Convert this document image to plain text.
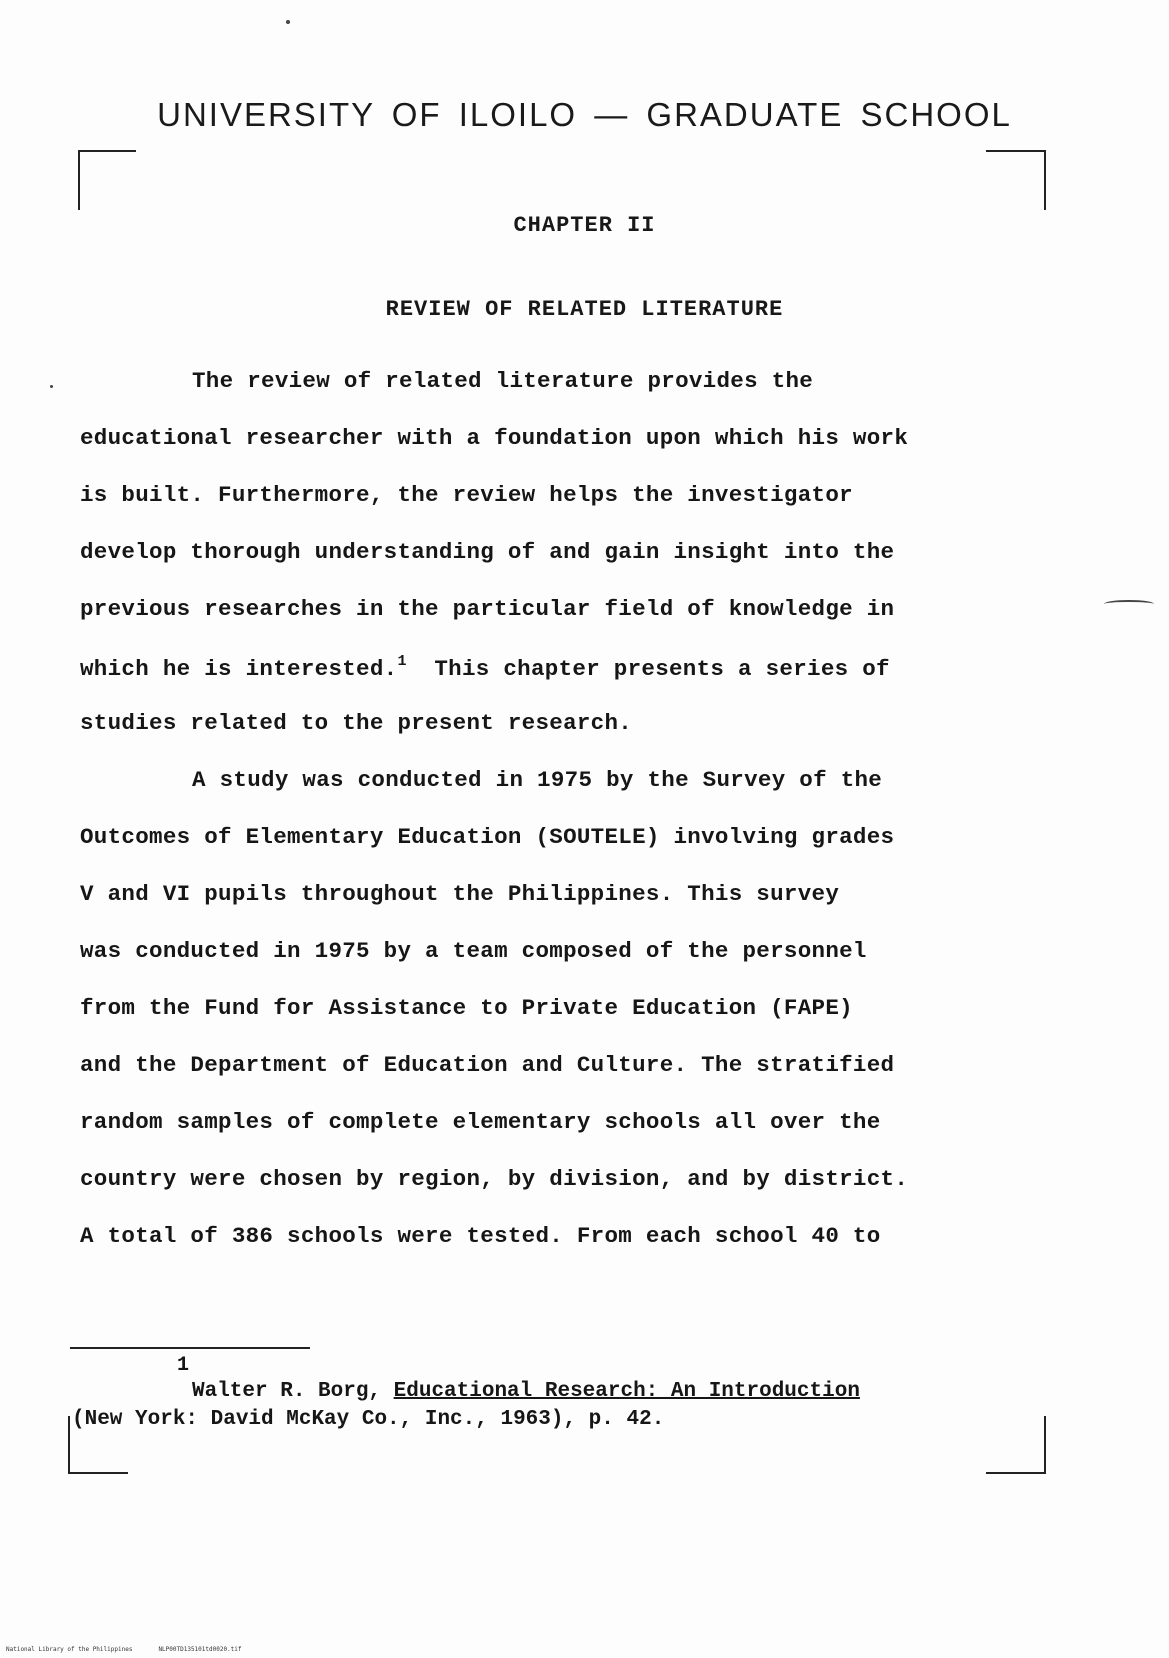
UNIVERSITY OF ILOILO — GRADUATE SCHOOL
CHAPTER II
REVIEW OF RELATED LITERATURE
The review of related literature provides the
educational researcher with a foundation upon which his work
is built. Furthermore, the review helps the investigator
develop thorough understanding of and gain insight into the
previous researches in the particular field of knowledge in
which he is interested.$^1$  This chapter presents a series of
studies related to the present research.
A study was conducted in 1975 by the Survey of the
Outcomes of Elementary Education (SOUTELE) involving grades
V and VI pupils throughout the Philippines. This survey
was conducted in 1975 by a team composed of the personnel
from the Fund for Assistance to Private Education (FAPE)
and the Department of Education and Culture. The stratified
random samples of complete elementary schools all over the
country were chosen by region, by division, and by district.
A total of 386 schools were tested. From each school 40 to
1
Walter R. Borg, Educational Research: An Introduction
(New York: David McKay Co., Inc., 1963), p. 42.
National Library of the Philippines	NLP00TD135101td0020.tif
